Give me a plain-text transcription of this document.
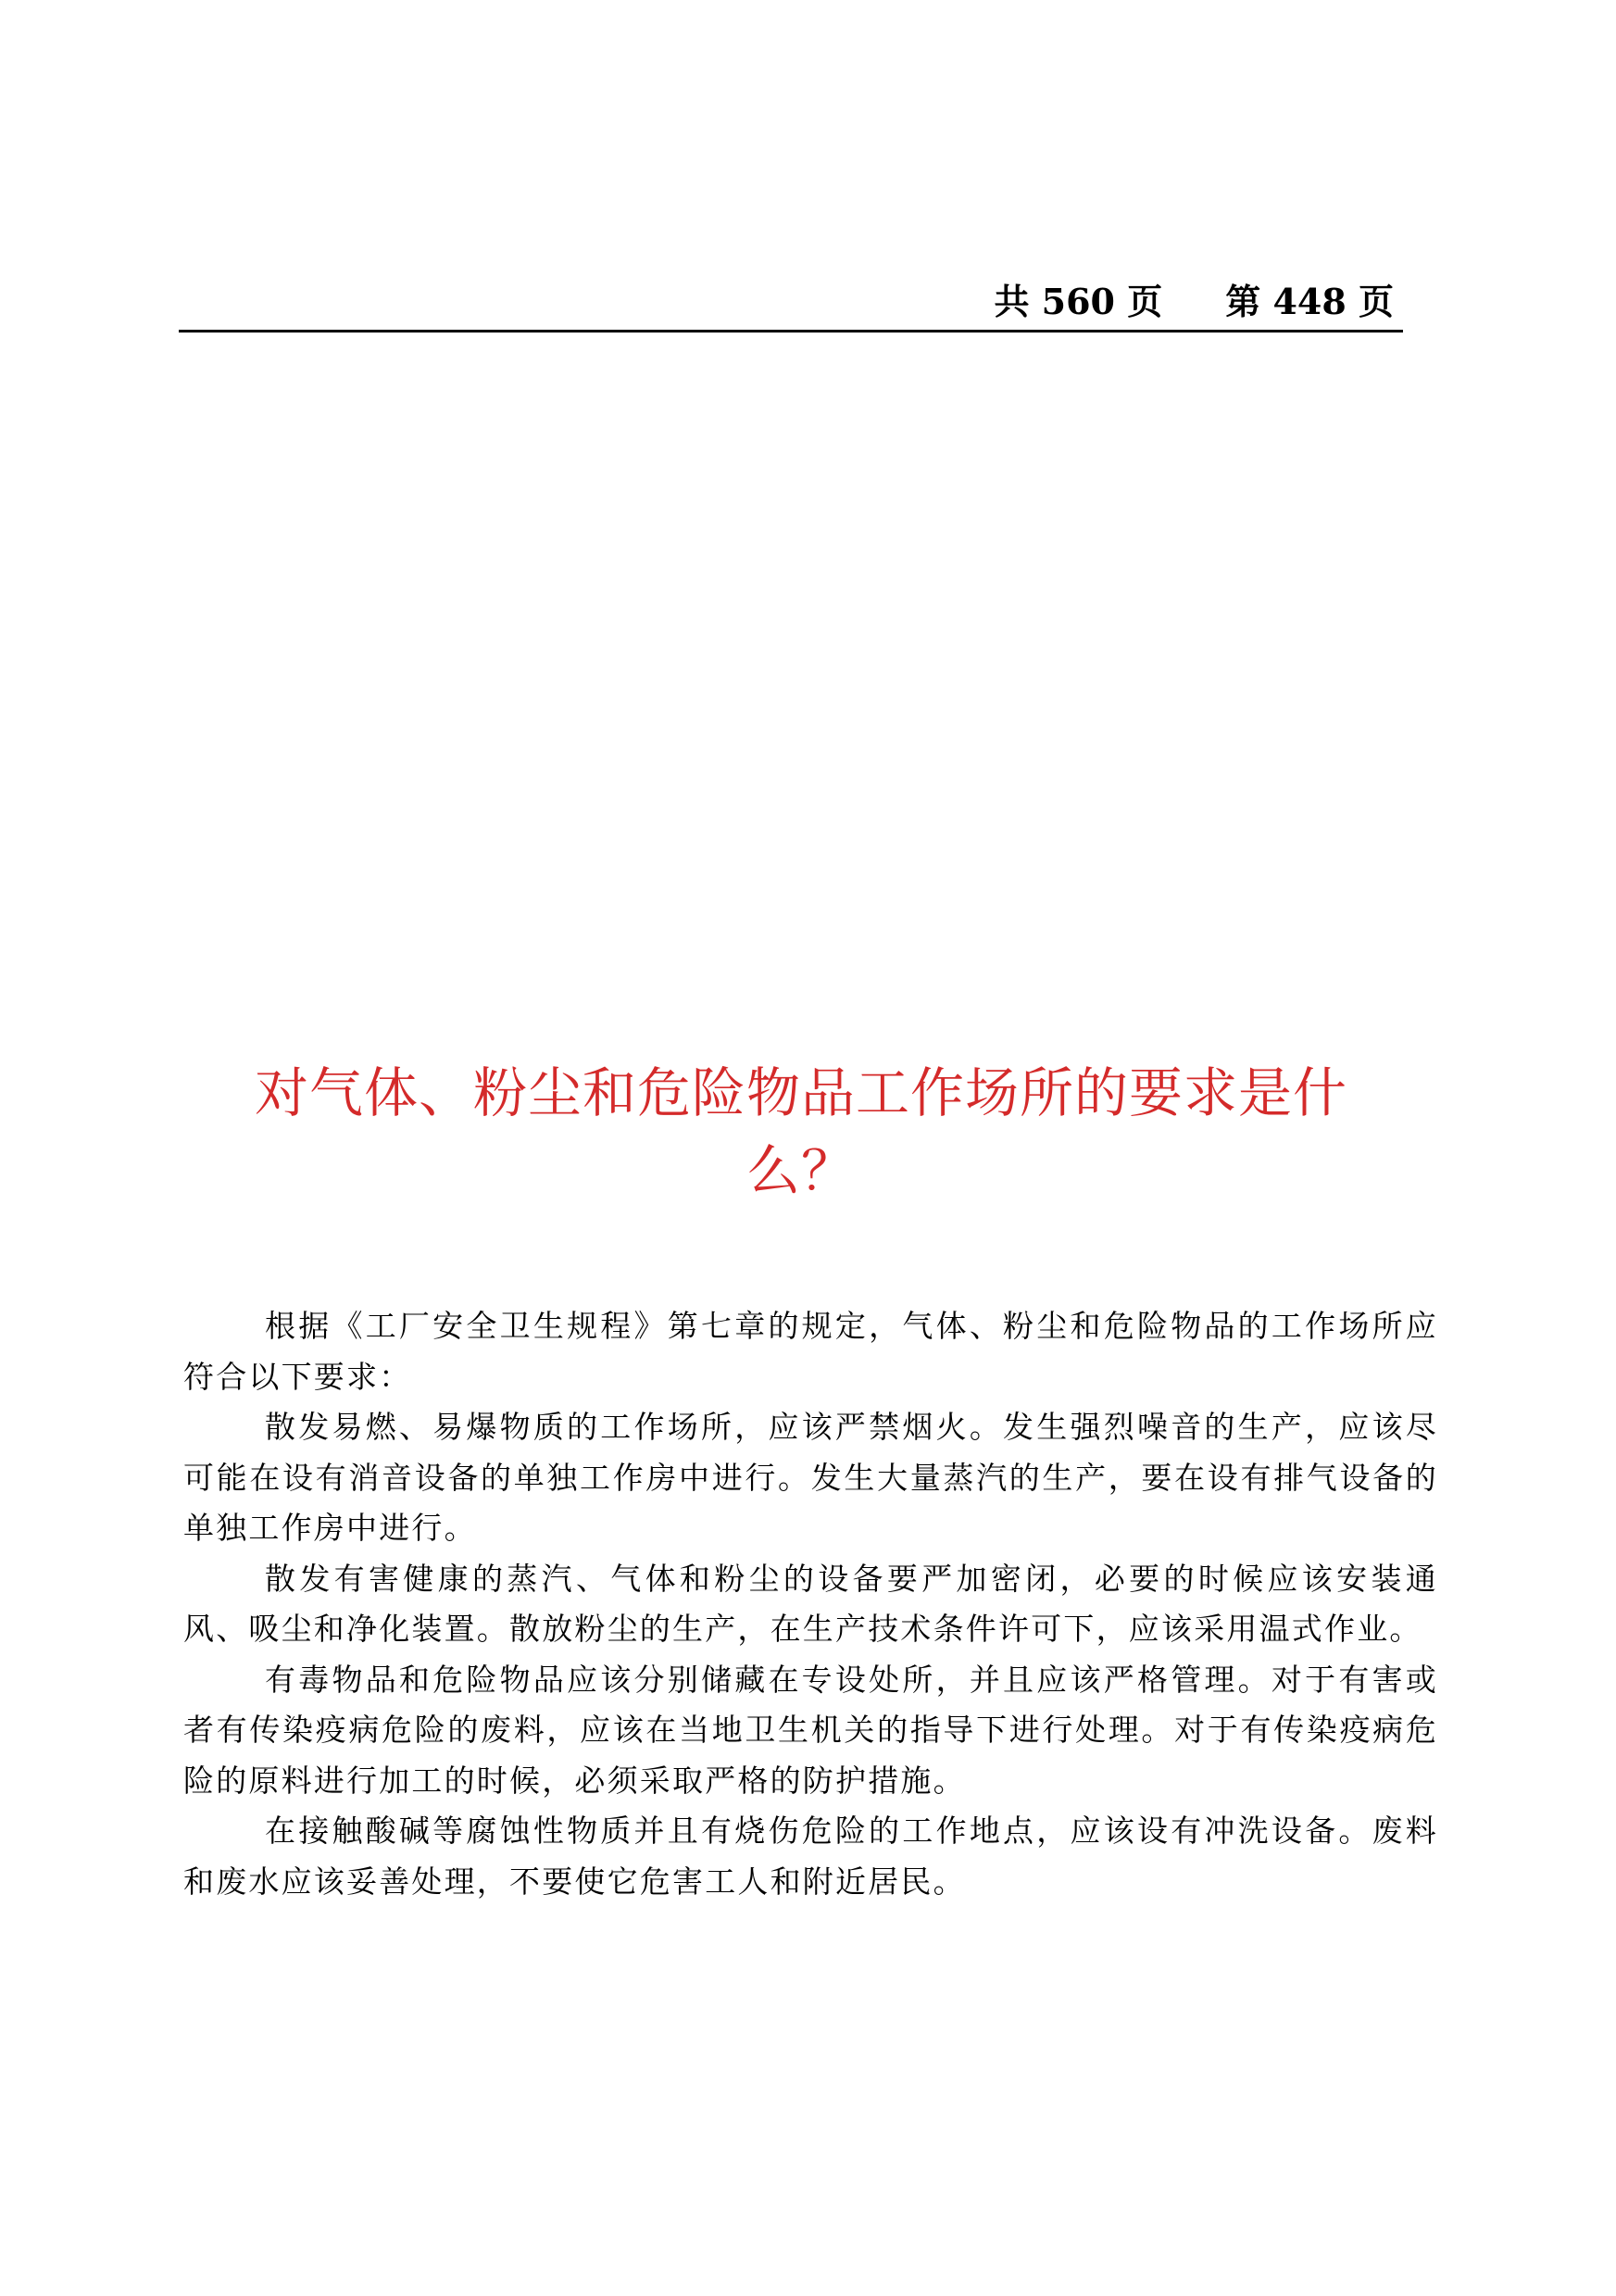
共 560 页 第 448 页
对气体、粉尘和危险物品工作场所的要求是什么？

根据《工厂安全卫生规程》第七章的规定，气体、粉尘和危险物品的工作场所应符合以下要求：

散发易燃、易爆物质的工作场所，应该严禁烟火。发生强烈噪音的生产，应该尽可能在设有消音设备的单独工作房中进行。发生大量蒸汽的生产，要在设有排气设备的单独工作房中进行。

散发有害健康的蒸汽、气体和粉尘的设备要严加密闭，必要的时候应该安装通风、吸尘和净化装置。散放粉尘的生产，在生产技术条件许可下，应该采用温式作业。

有毒物品和危险物品应该分别储藏在专设处所，并且应该严格管理。对于有害或者有传染疫病危险的废料，应该在当地卫生机关的指导下进行处理。对于有传染疫病危险的原料进行加工的时候，必须采取严格的防护措施。

在接触酸碱等腐蚀性物质并且有烧伤危险的工作地点，应该设有冲洗设备。废料和废水应该妥善处理，不要使它危害工人和附近居民。
